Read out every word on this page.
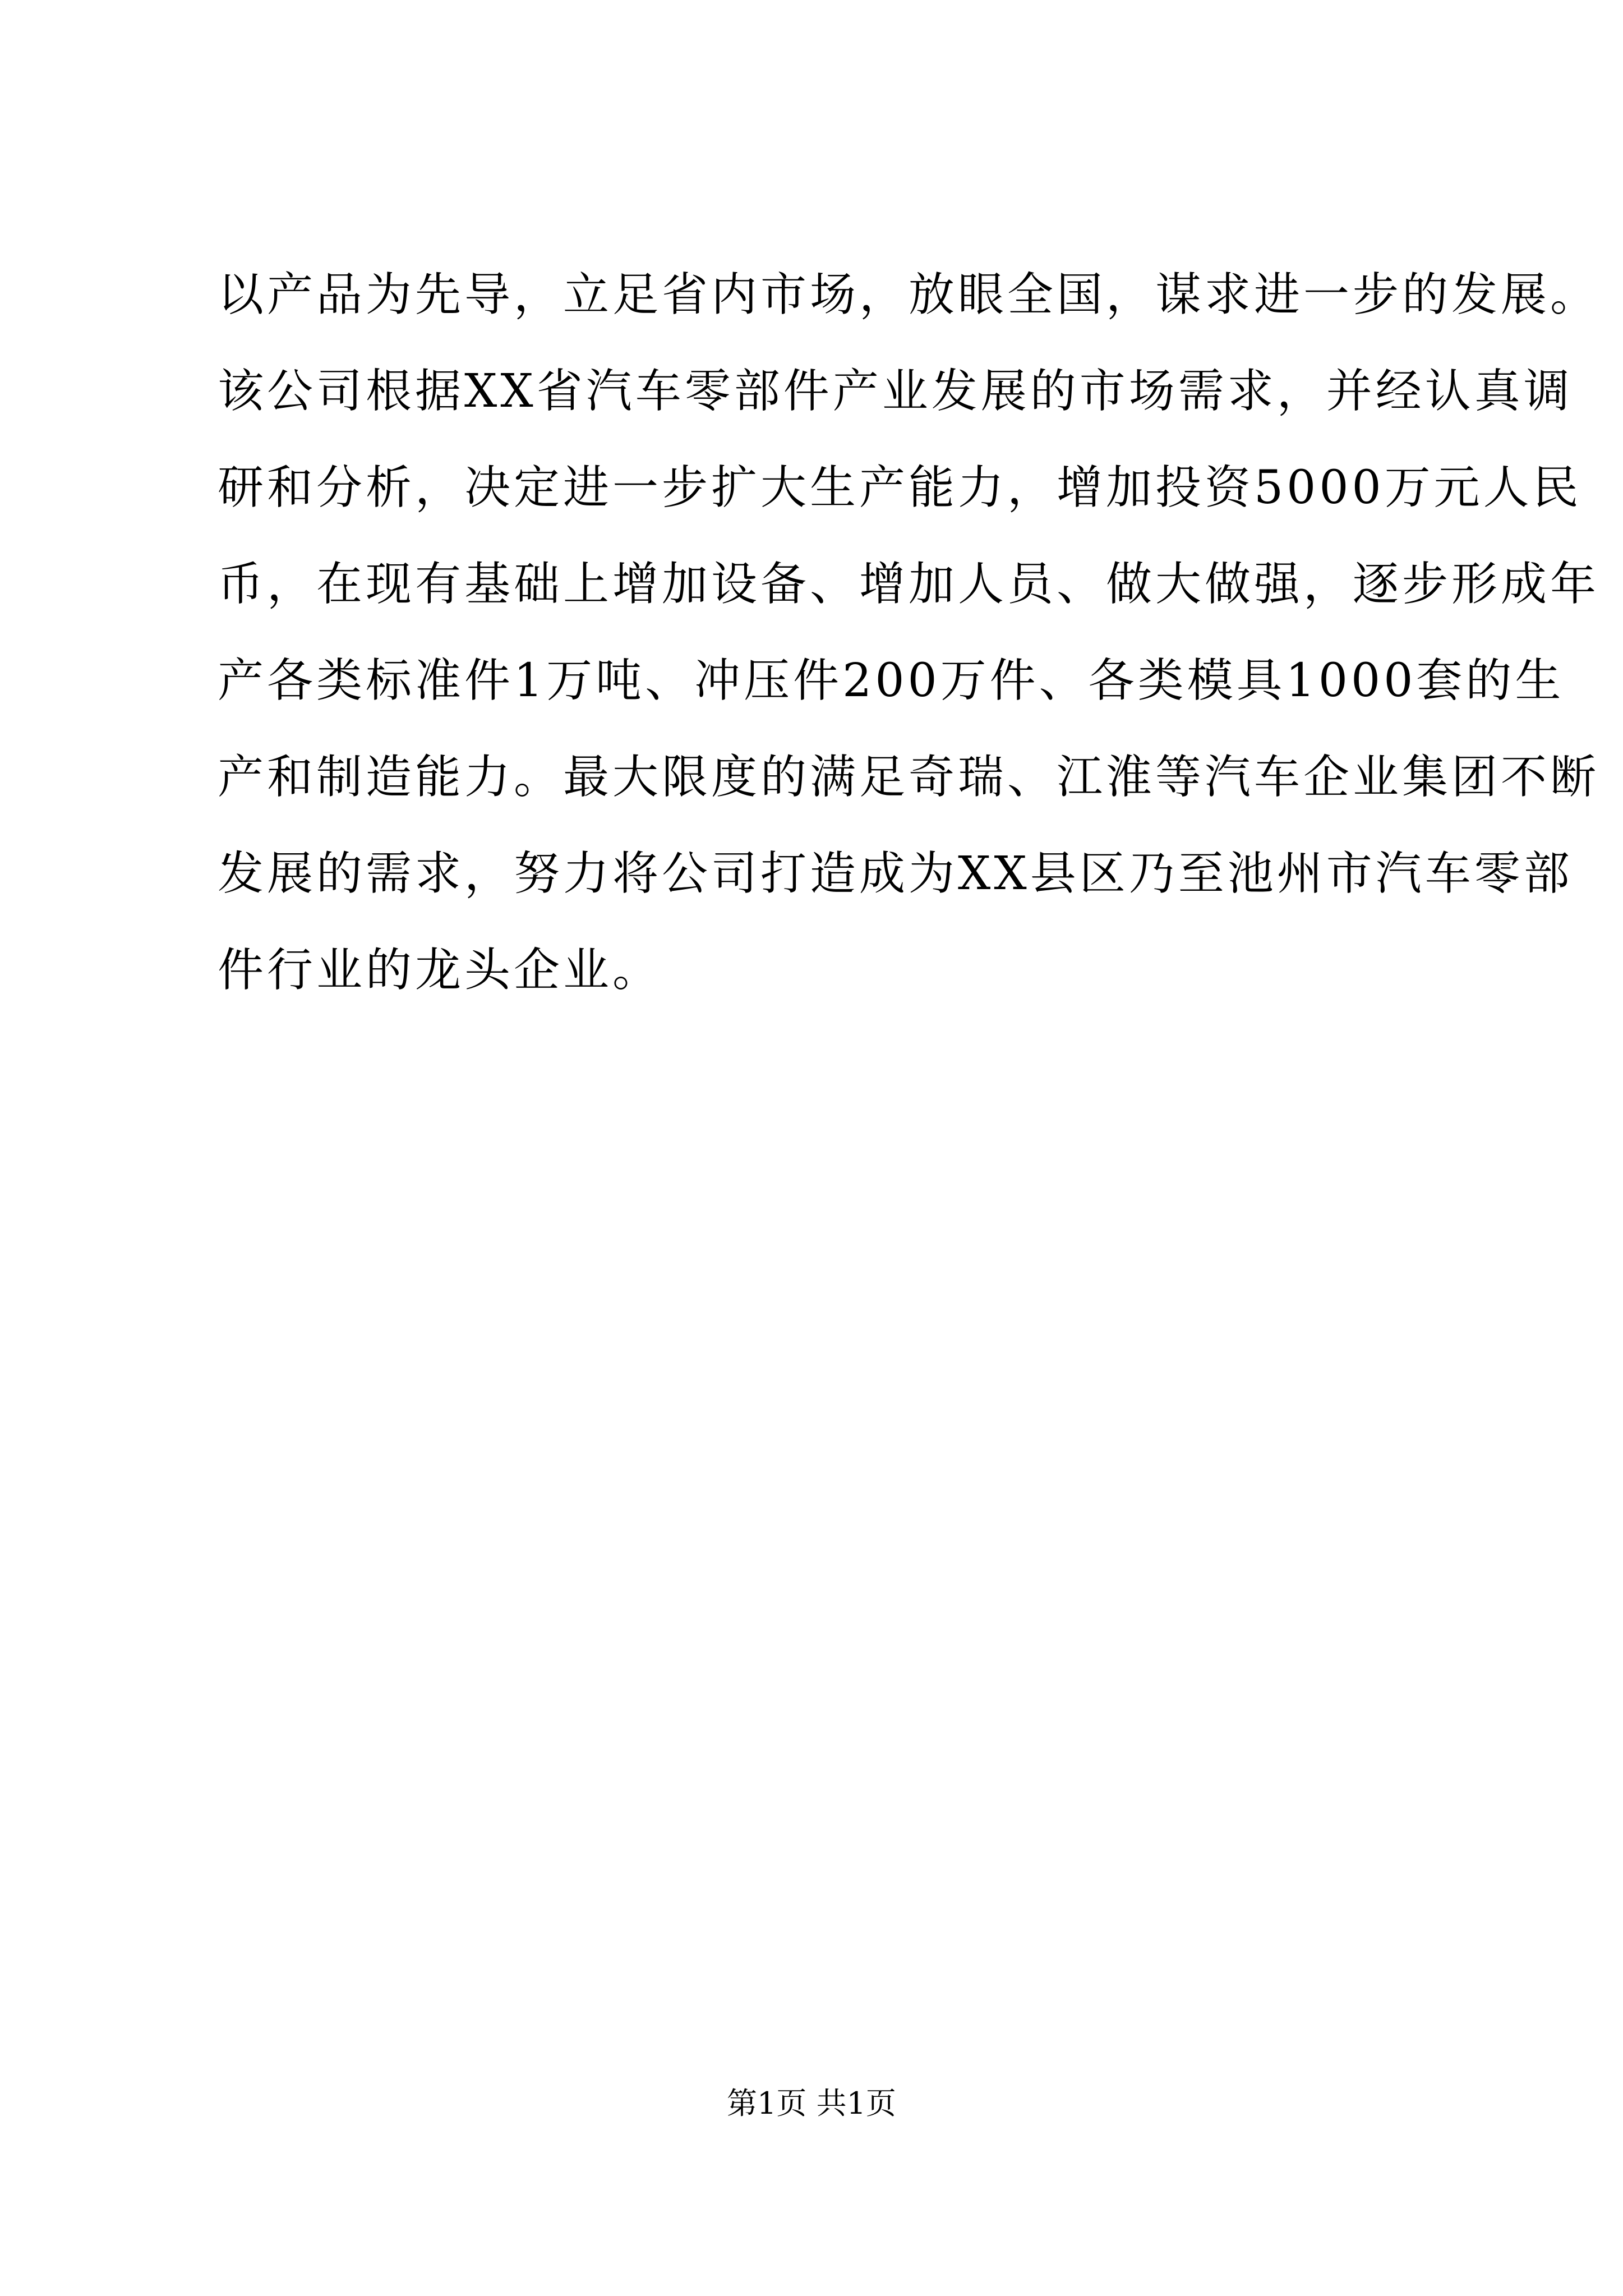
以产品为先导，立足省内市场，放眼全国，谋求进一步的发展。
该公司根据XX省汽车零部件产业发展的市场需求，并经认真调
研和分析，决定进一步扩大生产能力，增加投资5000万元人民
币，在现有基础上增加设备、增加人员、做大做强，逐步形成年
产各类标准件1万吨、冲压件200万件、各类模具1000套的生
产和制造能力。最大限度的满足奇瑞、江淮等汽车企业集团不断
发展的需求，努力将公司打造成为XX县区乃至池州市汽车零部
件行业的龙头企业。
第1页 共1页
